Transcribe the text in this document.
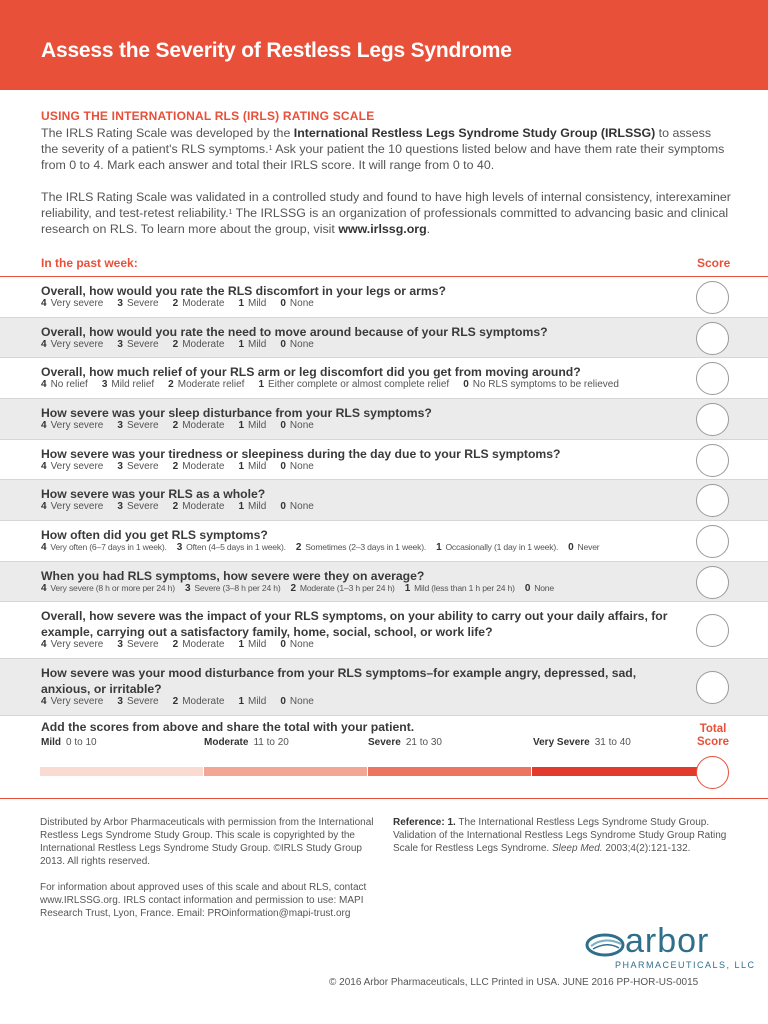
Assess the Severity of Restless Legs Syndrome
USING THE INTERNATIONAL RLS (IRLS) RATING SCALE

The IRLS Rating Scale was developed by the International Restless Legs Syndrome Study Group (IRLSSG) to assess the severity of a patient's RLS symptoms.$^1$ Ask your patient the 10 questions listed below and have them rate their symptoms from 0 to 4. Mark each answer and total their IRLS score. It will range from 0 to 40.

The IRLS Rating Scale was validated in a controlled study and found to have high levels of internal consistency, interexaminer reliability, and test-retest reliability.$^1$ The IRLSSG is an organization of professionals committed to advancing basic and clinical research on RLS. To learn more about the group, visit www.irlssg.org.

In the past week:	Score
Overall, how would you rate the RLS discomfort in your legs or arms?
4 Very severe 3 Severe 2 Moderate 1 Mild 0 None
Overall, how would you rate the need to move around because of your RLS symptoms?
4 Very severe 3 Severe 2 Moderate 1 Mild 0 None
Overall, how much relief of your RLS arm or leg discomfort did you get from moving around?
4 No relief 3 Mild relief 2 Moderate relief 1 Either complete or almost complete relief 0 No RLS symptoms to be relieved
How severe was your sleep disturbance from your RLS symptoms?
4 Very severe 3 Severe 2 Moderate 1 Mild 0 None
How severe was your tiredness or sleepiness during the day due to your RLS symptoms?
4 Very severe 3 Severe 2 Moderate 1 Mild 0 None
How severe was your RLS as a whole?
4 Very severe 3 Severe 2 Moderate 1 Mild 0 None
How often did you get RLS symptoms?
4 Very often (6–7 days in 1 week). 3 Often (4–5 days in 1 week). 2 Sometimes (2–3 days in 1 week). 1 Occasionally (1 day in 1 week). 0 Never
When you had RLS symptoms, how severe were they on average?
4 Very severe (8 h or more per 24 h) 3 Severe (3–8 h per 24 h) 2 Moderate (1–3 h per 24 h) 1 Mild (less than 1 h per 24 h) 0 None
Overall, how severe was the impact of your RLS symptoms, on your ability to carry out your daily affairs, for example, carrying out a satisfactory family, home, social, school, or work life?
4 Very severe 3 Severe 2 Moderate 1 Mild 0 None
How severe was your mood disturbance from your RLS symptoms–for example angry, depressed, sad, anxious, or irritable?
4 Very severe 3 Severe 2 Moderate 1 Mild 0 None
Add the scores from above and share the total with your patient.
Mild 0 to 10	Moderate 11 to 20	Severe 21 to 30	Very Severe 31 to 40
Total
Score

Distributed by Arbor Pharmaceuticals with permission from the International Restless Legs Syndrome Study Group. This scale is copyrighted by the International Restless Legs Syndrome Study Group. ©IRLS Study Group 2013. All rights reserved.

For information about approved uses of this scale and about RLS, contact www.IRLSSG.org. IRLS contact information and permission to use: MAPI Research Trust, Lyon, France. Email: PROinformation@mapi-trust.org

Reference: 1. The International Restless Legs Syndrome Study Group. Validation of the International Restless Legs Syndrome Study Group Rating Scale for Restless Legs Syndrome. Sleep Med. 2003;4(2):121-132.
arbor
PHARMACEUTICALS, LLC
© 2016 Arbor Pharmaceuticals, LLC Printed in USA. JUNE 2016 PP-HOR-US-0015
